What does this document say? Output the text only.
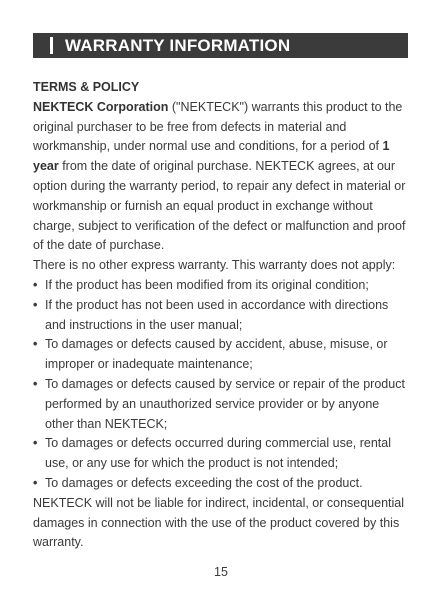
WARRANTY INFORMATION
TERMS & POLICY

NEKTECK Corporation ("NEKTECK") warrants this product to the original purchaser to be free from defects in material and workmanship, under normal use and conditions, for a period of 1 year from the date of original purchase. NEKTECK agrees, at our option during the warranty period, to repair any defect in material or workmanship or furnish an equal product in exchange without charge, subject to verification of the defect or malfunction and proof of the date of purchase.

There is no other express warranty. This warranty does not apply:

• If the product has been modified from its original condition;
• If the product has not been used in accordance with directions and instructions in the user manual;
• To damages or defects caused by accident, abuse, misuse, or improper or inadequate maintenance;
• To damages or defects caused by service or repair of the product performed by an unauthorized service provider or by anyone other than NEKTECK;
• To damages or defects occurred during commercial use, rental use, or any use for which the product is not intended;
• To damages or defects exceeding the cost of the product.

NEKTECK will not be liable for indirect, incidental, or consequential damages in connection with the use of the product covered by this warranty.

15
